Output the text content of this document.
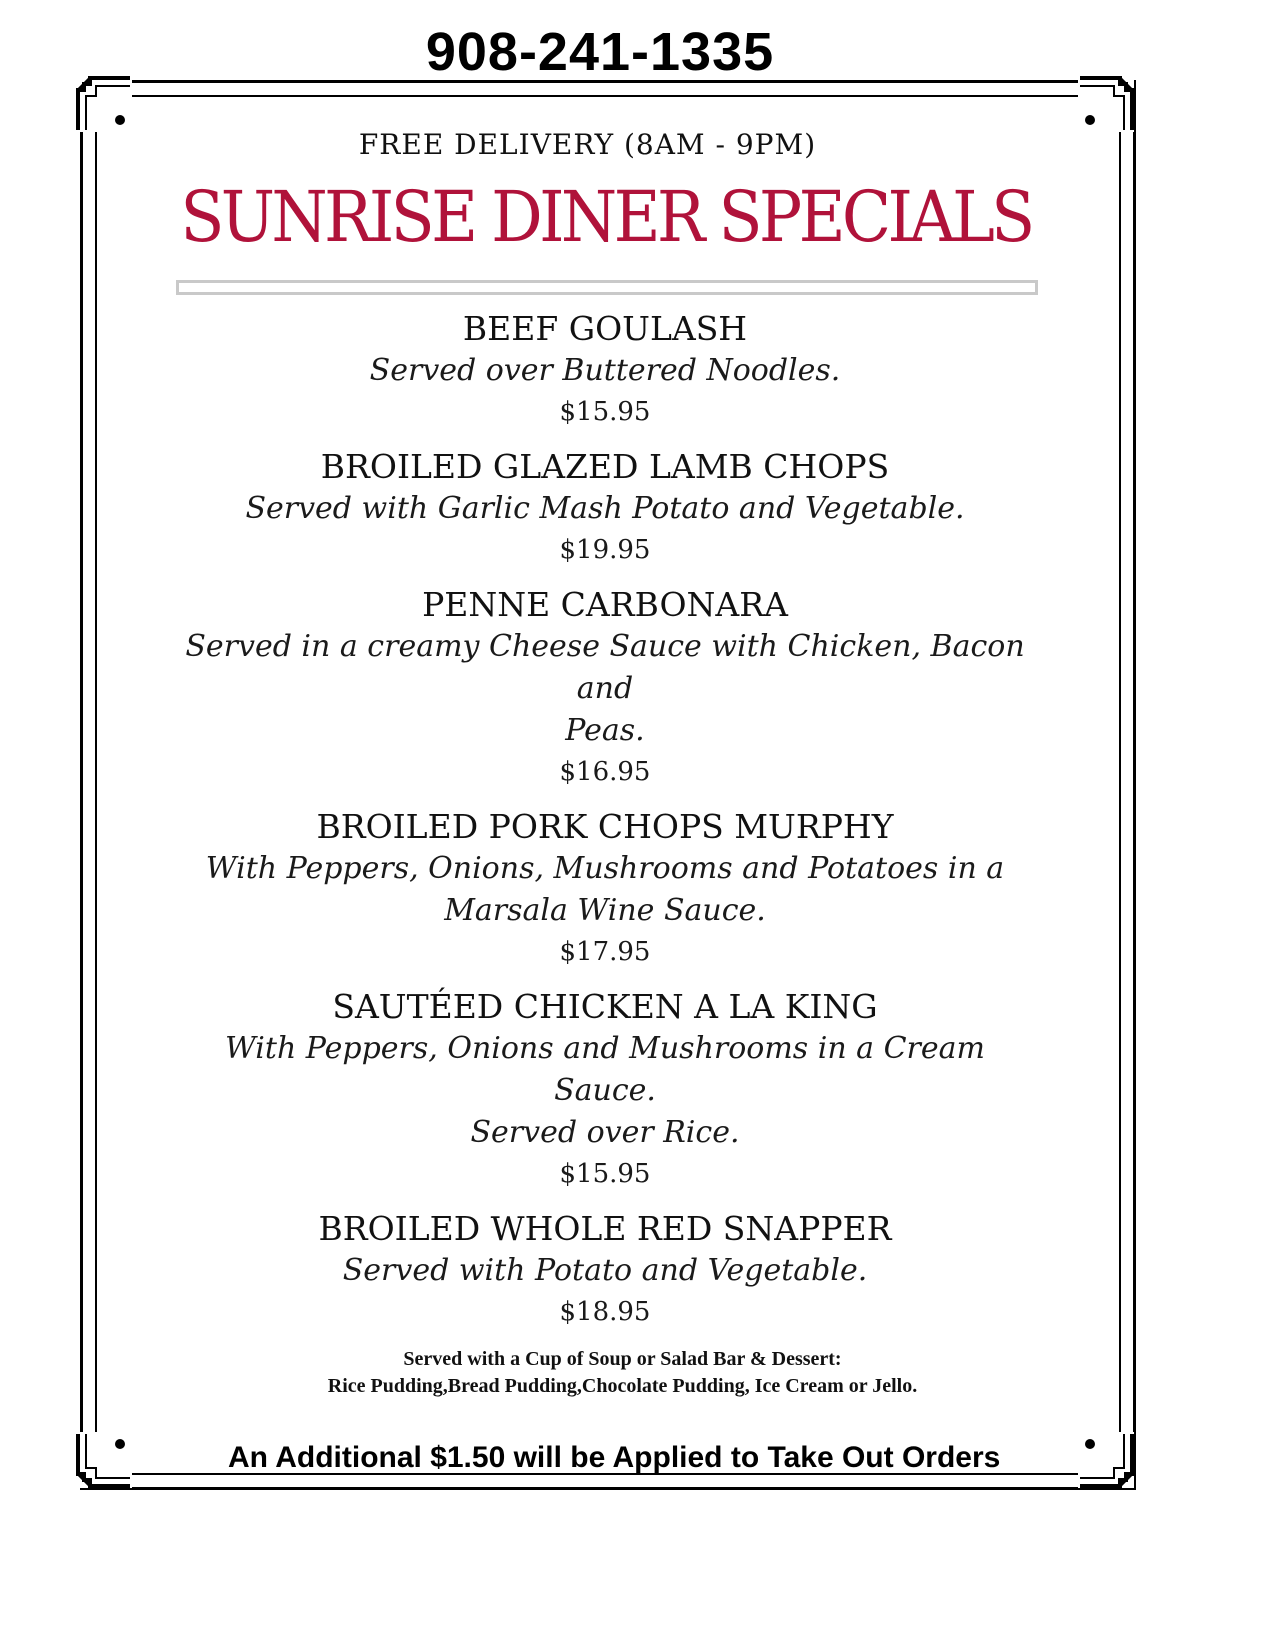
908-241-1335
FREE DELIVERY (8AM - 9PM)
SUNRISE DINER SPECIALS
BEEF GOULASH
Served over Buttered Noodles.
$15.95
BROILED GLAZED LAMB CHOPS
Served with Garlic Mash Potato and Vegetable.
$19.95
PENNE CARBONARA
Served in a creamy Cheese Sauce with Chicken, Bacon and
Peas.
$16.95
BROILED PORK CHOPS MURPHY
With Peppers, Onions, Mushrooms and Potatoes in a
Marsala Wine Sauce.
$17.95
SAUTÉED CHICKEN A LA KING
With Peppers, Onions and Mushrooms in a Cream Sauce.
Served over Rice.
$15.95
BROILED WHOLE RED SNAPPER
Served with Potato and Vegetable.
$18.95
Served with a Cup of Soup or Salad Bar & Dessert:
Rice Pudding,Bread Pudding,Chocolate Pudding, Ice Cream or Jello.
An Additional $1.50 will be Applied to Take Out Orders
